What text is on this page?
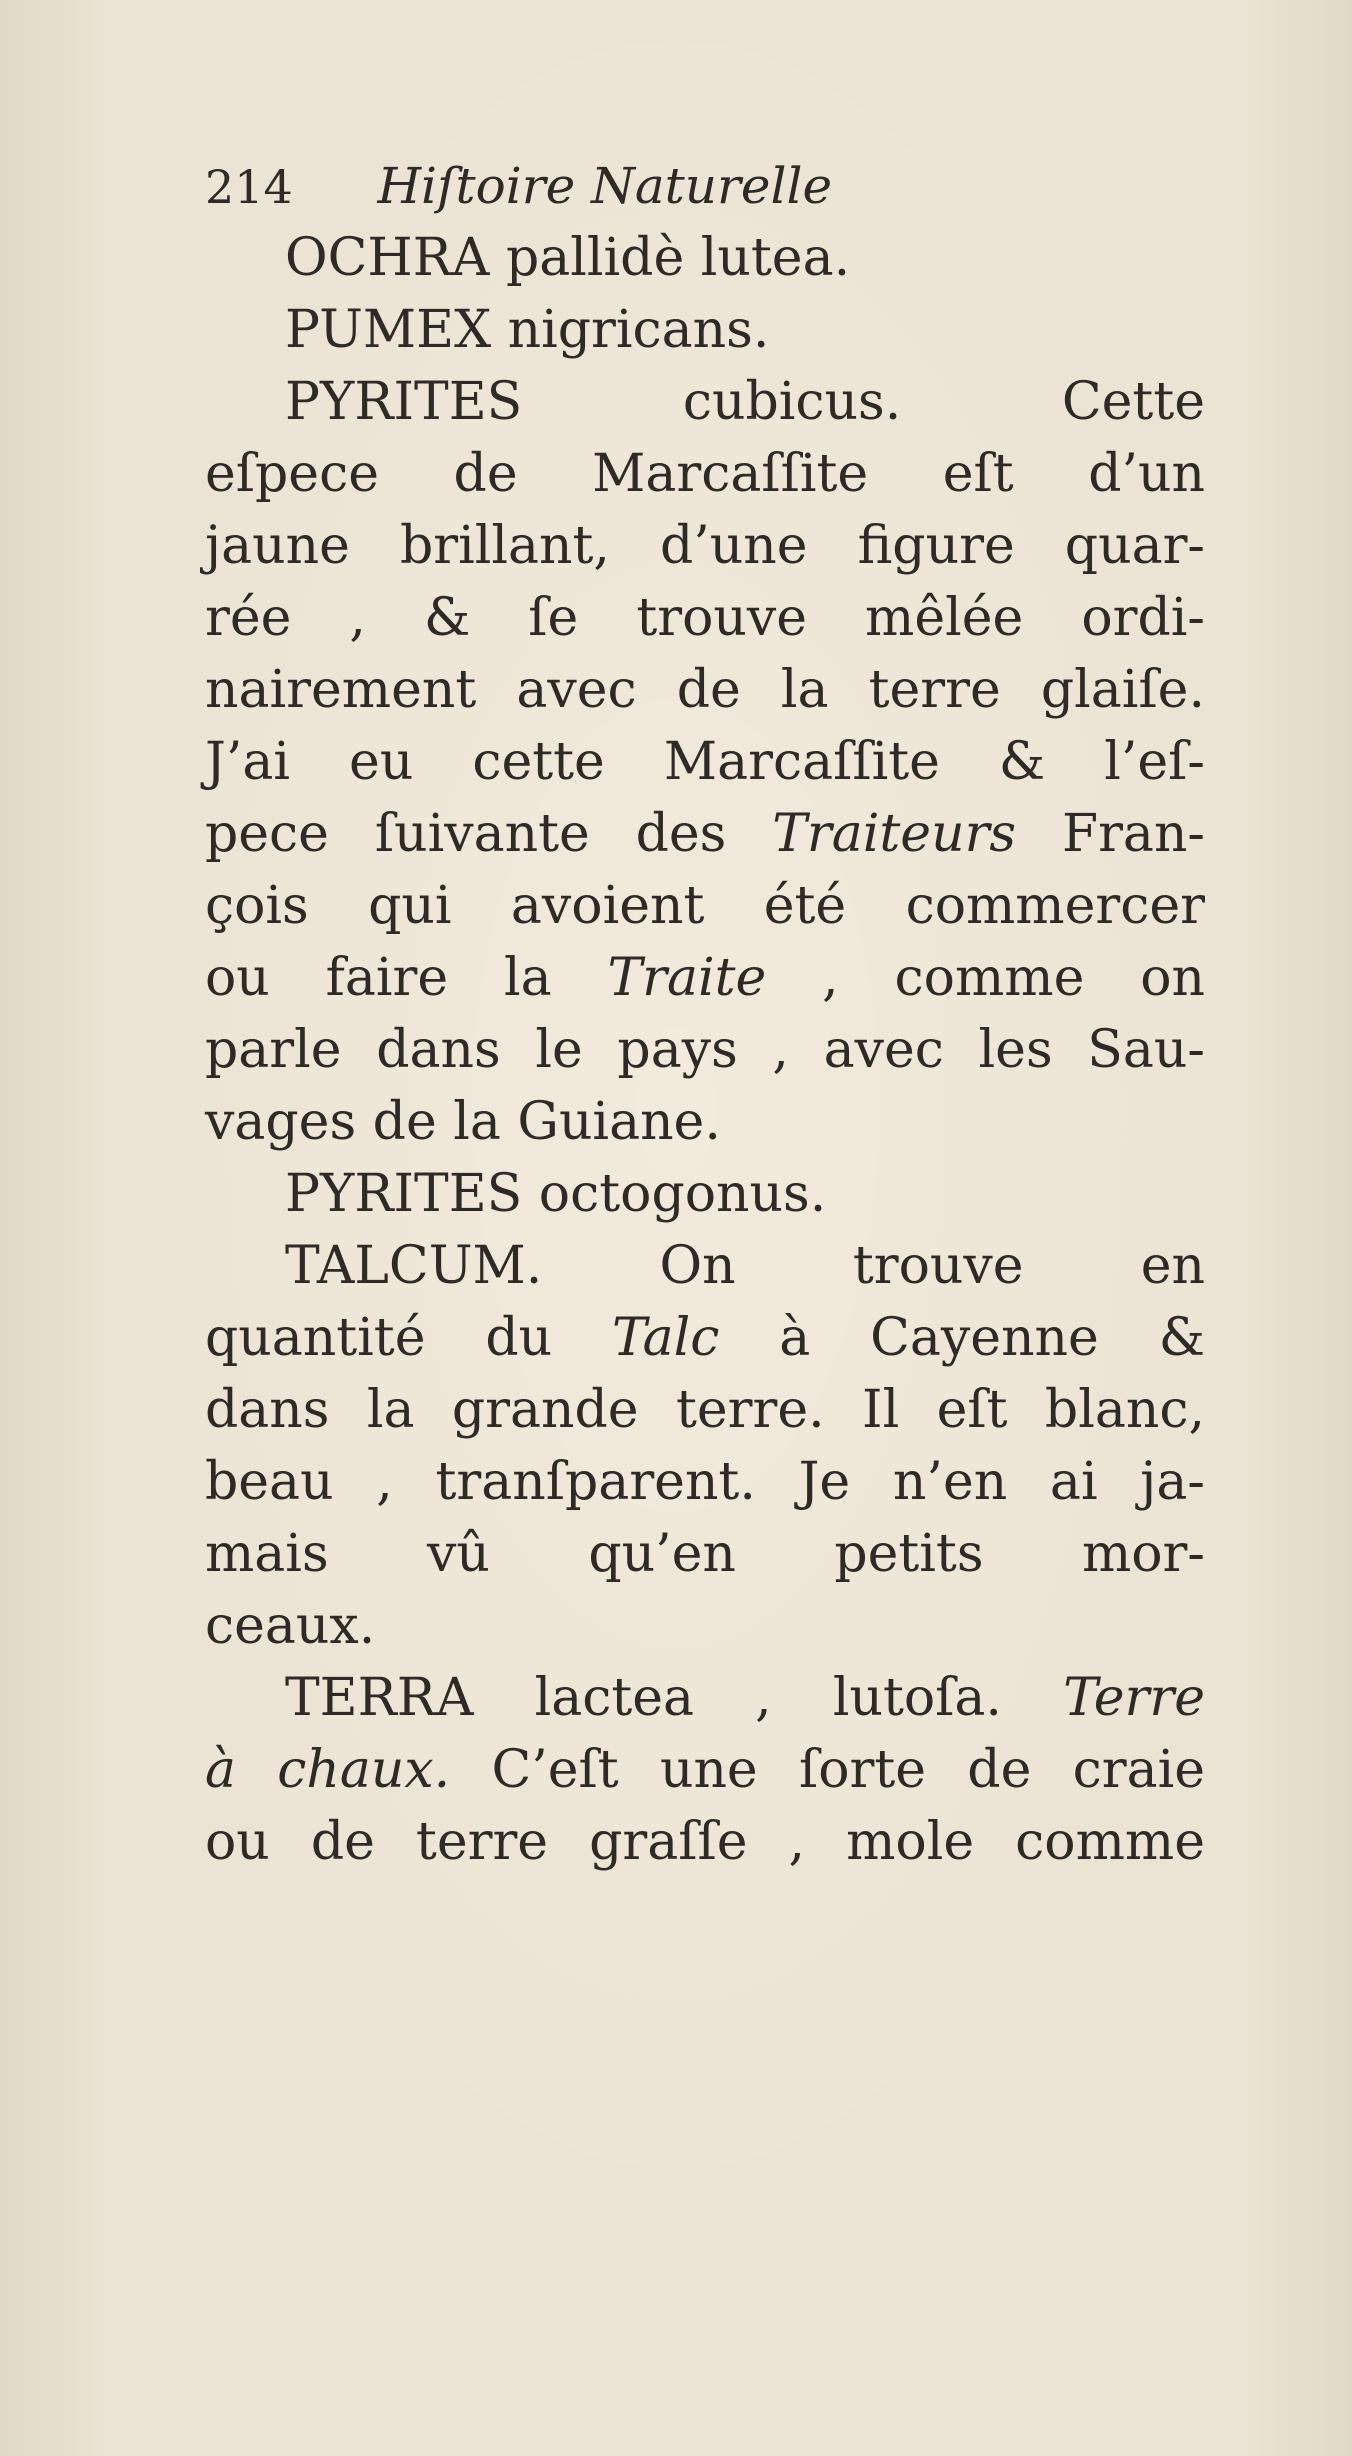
214 Hiſtoire Naturelle
OCHRA pallidè lutea.
PUMEX nigricans.
PYRITES cubicus. Cette
eſpece de Marcaſſite eſt d’un
jaune brillant, d’une figure quar-
rée , & ſe trouve mêlée ordi-
nairement avec de la terre glaiſe.
J’ai eu cette Marcaſſite & l’eſ-
pece ſuivante des Traiteurs Fran-
çois qui avoient été commercer
ou faire la Traite , comme on
parle dans le pays , avec les Sau-
vages de la Guiane.
PYRITES octogonus.
TALCUM. On trouve en
quantité du Talc à Cayenne &
dans la grande terre. Il eſt blanc,
beau , tranſparent. Je n’en ai ja-
mais vû qu’en petits mor-
ceaux.
TERRA lactea , lutoſa. Terre
à chaux. C’eſt une ſorte de craie
ou de terre graſſe , mole comme
